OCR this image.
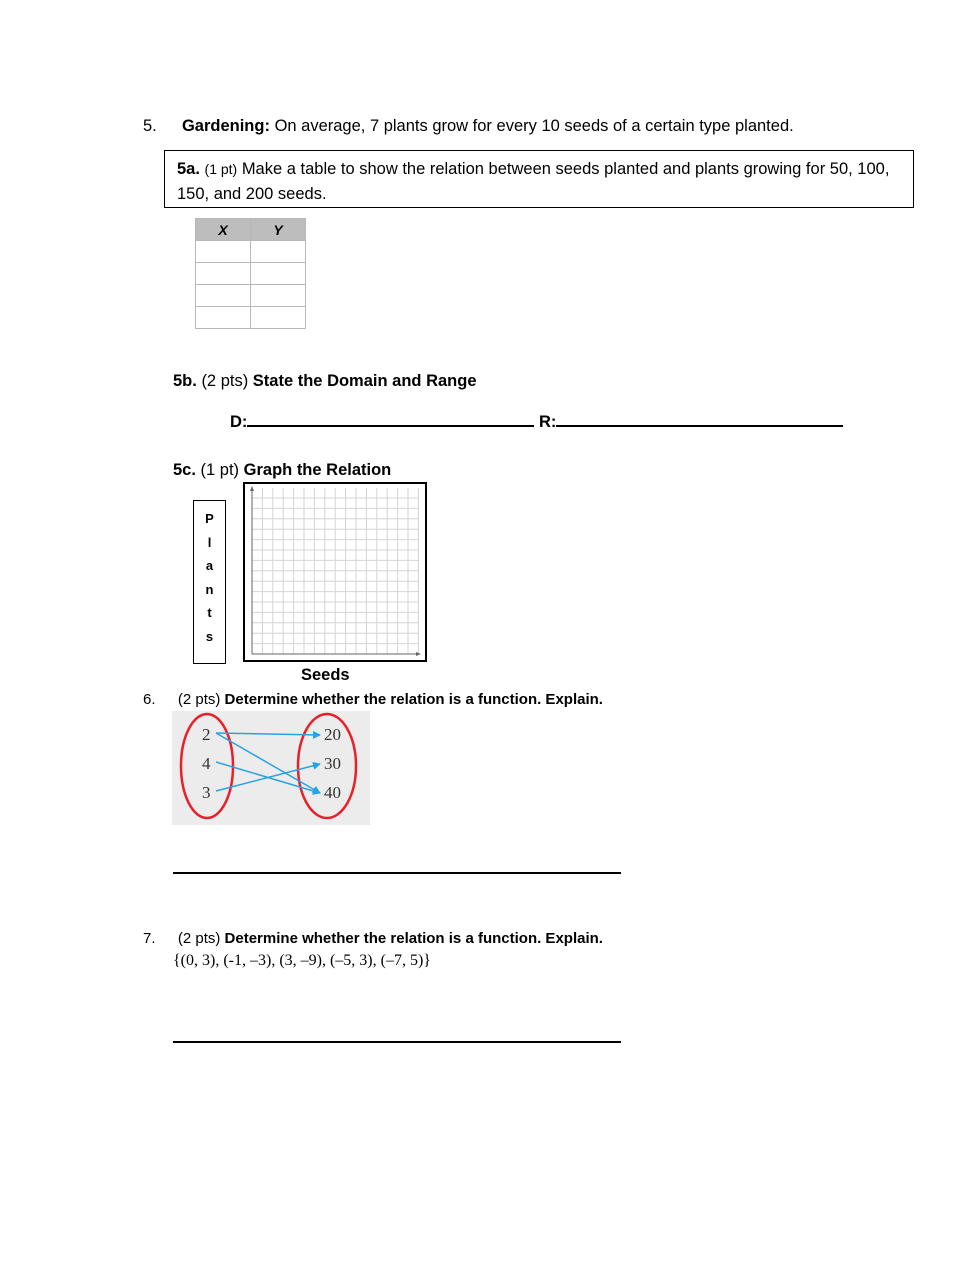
5. Gardening: On average, 7 plants grow for every 10 seeds of a certain type planted.
5a. (1 pt) Make a table to show the relation between seeds planted and plants growing for 50, 100, 150, and 200 seeds.
X	Y

5b. (2 pts) State the Domain and Range
D:	R:
5c. (1 pt) Graph the Relation
P
l
a
n
t
s
Seeds
6. (2 pts) Determine whether the relation is a function. Explain.
2
4
3
20
30
40
7. (2 pts) Determine whether the relation is a function. Explain.
{(0, 3), (-1, –3), (3, –9), (–5, 3), (–7, 5)}
